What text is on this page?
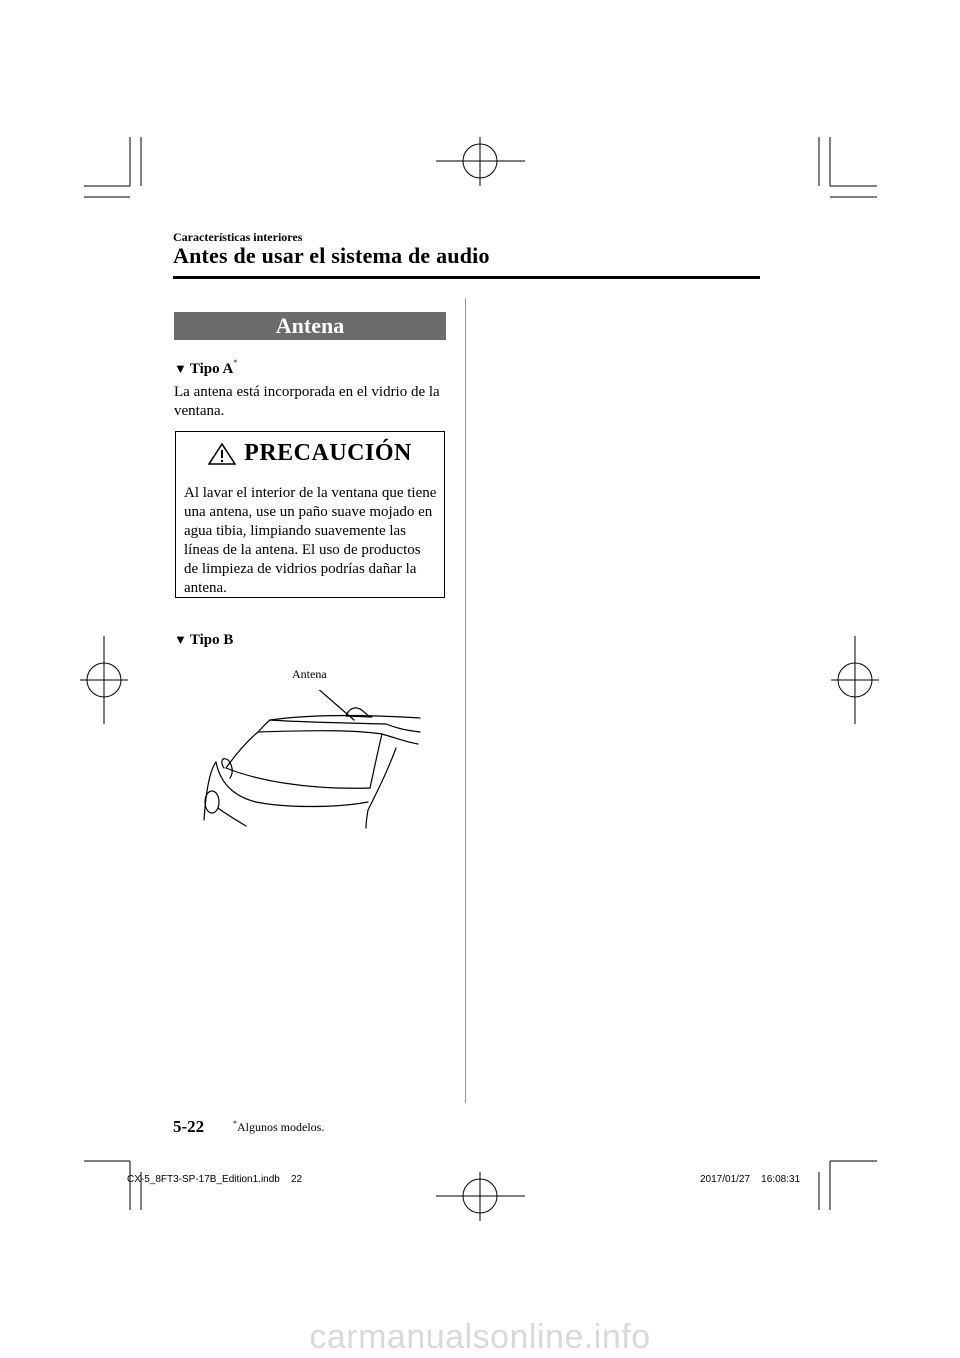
Características interiores
Antes de usar el sistema de audio
Antena
▼ Tipo A*
La antena está incorporada en el vidrio de la ventana.
PRECAUCIÓN
Al lavar el interior de la ventana que tiene una antena, use un paño suave mojado en agua tibia, limpiando suavemente las líneas de la antena. El uso de productos de limpieza de vidrios podrías dañar la antena.
▼ Tipo B
Antena
5-22	*Algunos modelos.
CX-5_8FT3-SP-17B_Edition1.indb    22	2017/01/27    16:08:31
carmanualsonline.info
